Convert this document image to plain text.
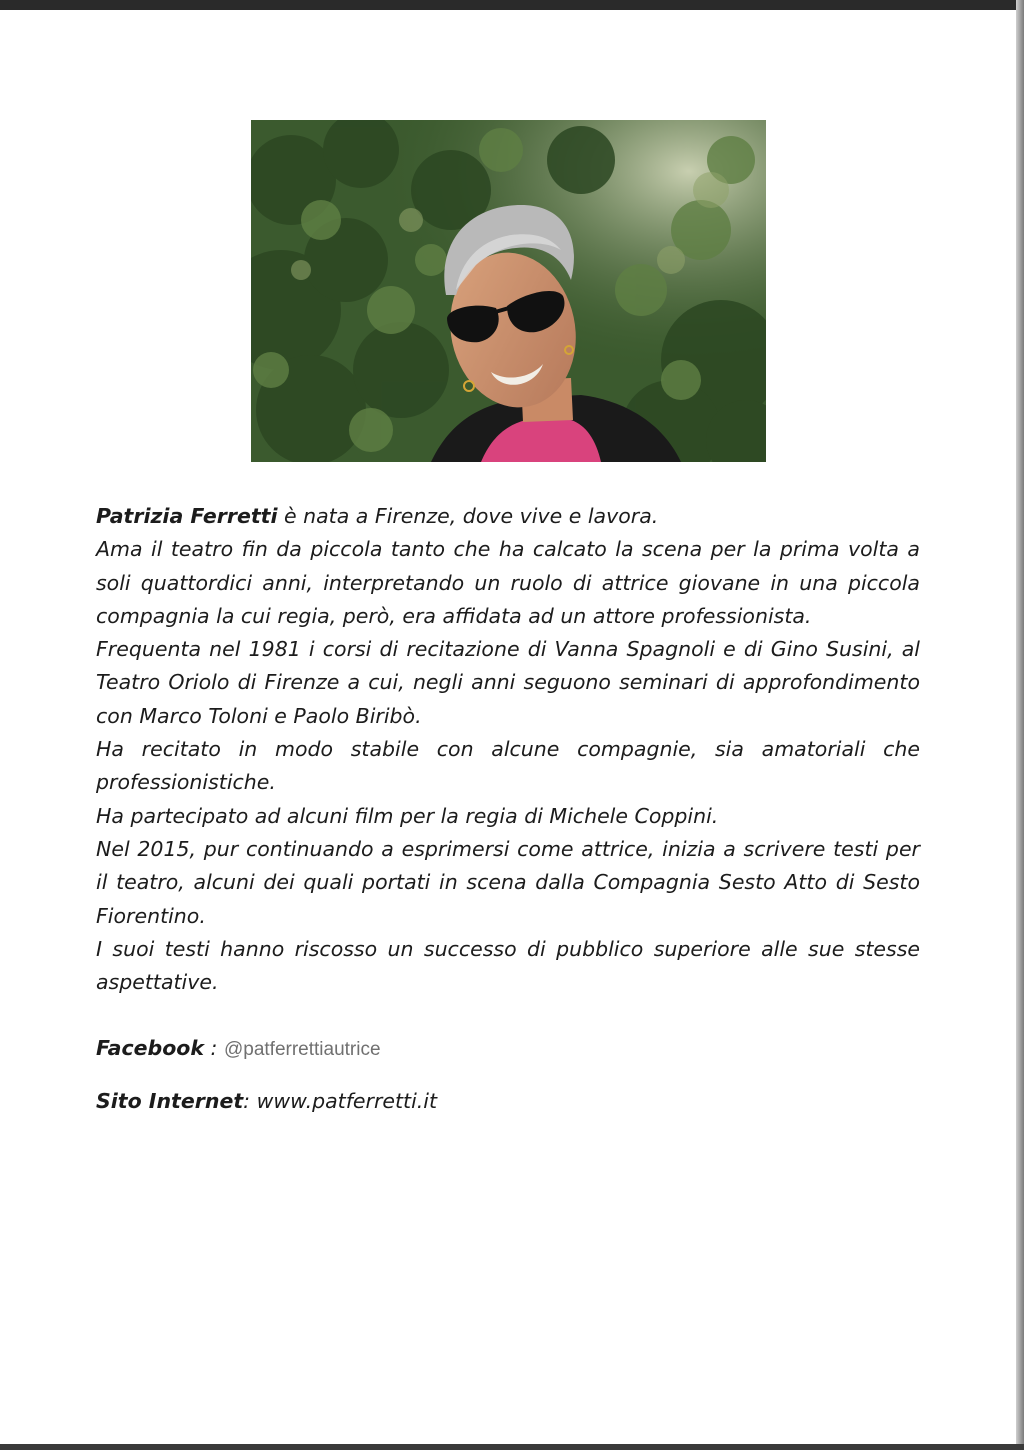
Patrizia Ferretti è nata a Firenze, dove vive e lavora.

Ama il teatro fin da piccola tanto che ha calcato la scena per la prima volta a soli quattordici anni, interpretando un ruolo di attrice giovane in una piccola compagnia la cui regia, però, era affidata ad un attore professionista.

Frequenta nel 1981 i corsi di recitazione di Vanna Spagnoli e di Gino Susini, al Teatro Oriolo di Firenze a cui, negli anni seguono seminari di approfondimento con Marco Toloni e Paolo Biribò.

Ha recitato in modo stabile con alcune compagnie, sia amatoriali che professionistiche.

Ha partecipato ad alcuni film per la regia di Michele Coppini.

Nel 2015, pur continuando a esprimersi come attrice, inizia a scrivere testi per il teatro, alcuni dei quali portati in scena dalla Compagnia Sesto Atto di Sesto Fiorentino.

I suoi testi hanno riscosso un successo di pubblico superiore alle sue stesse aspettative.

Facebook : @patferrettiautrice

Sito Internet: www.patferretti.it
